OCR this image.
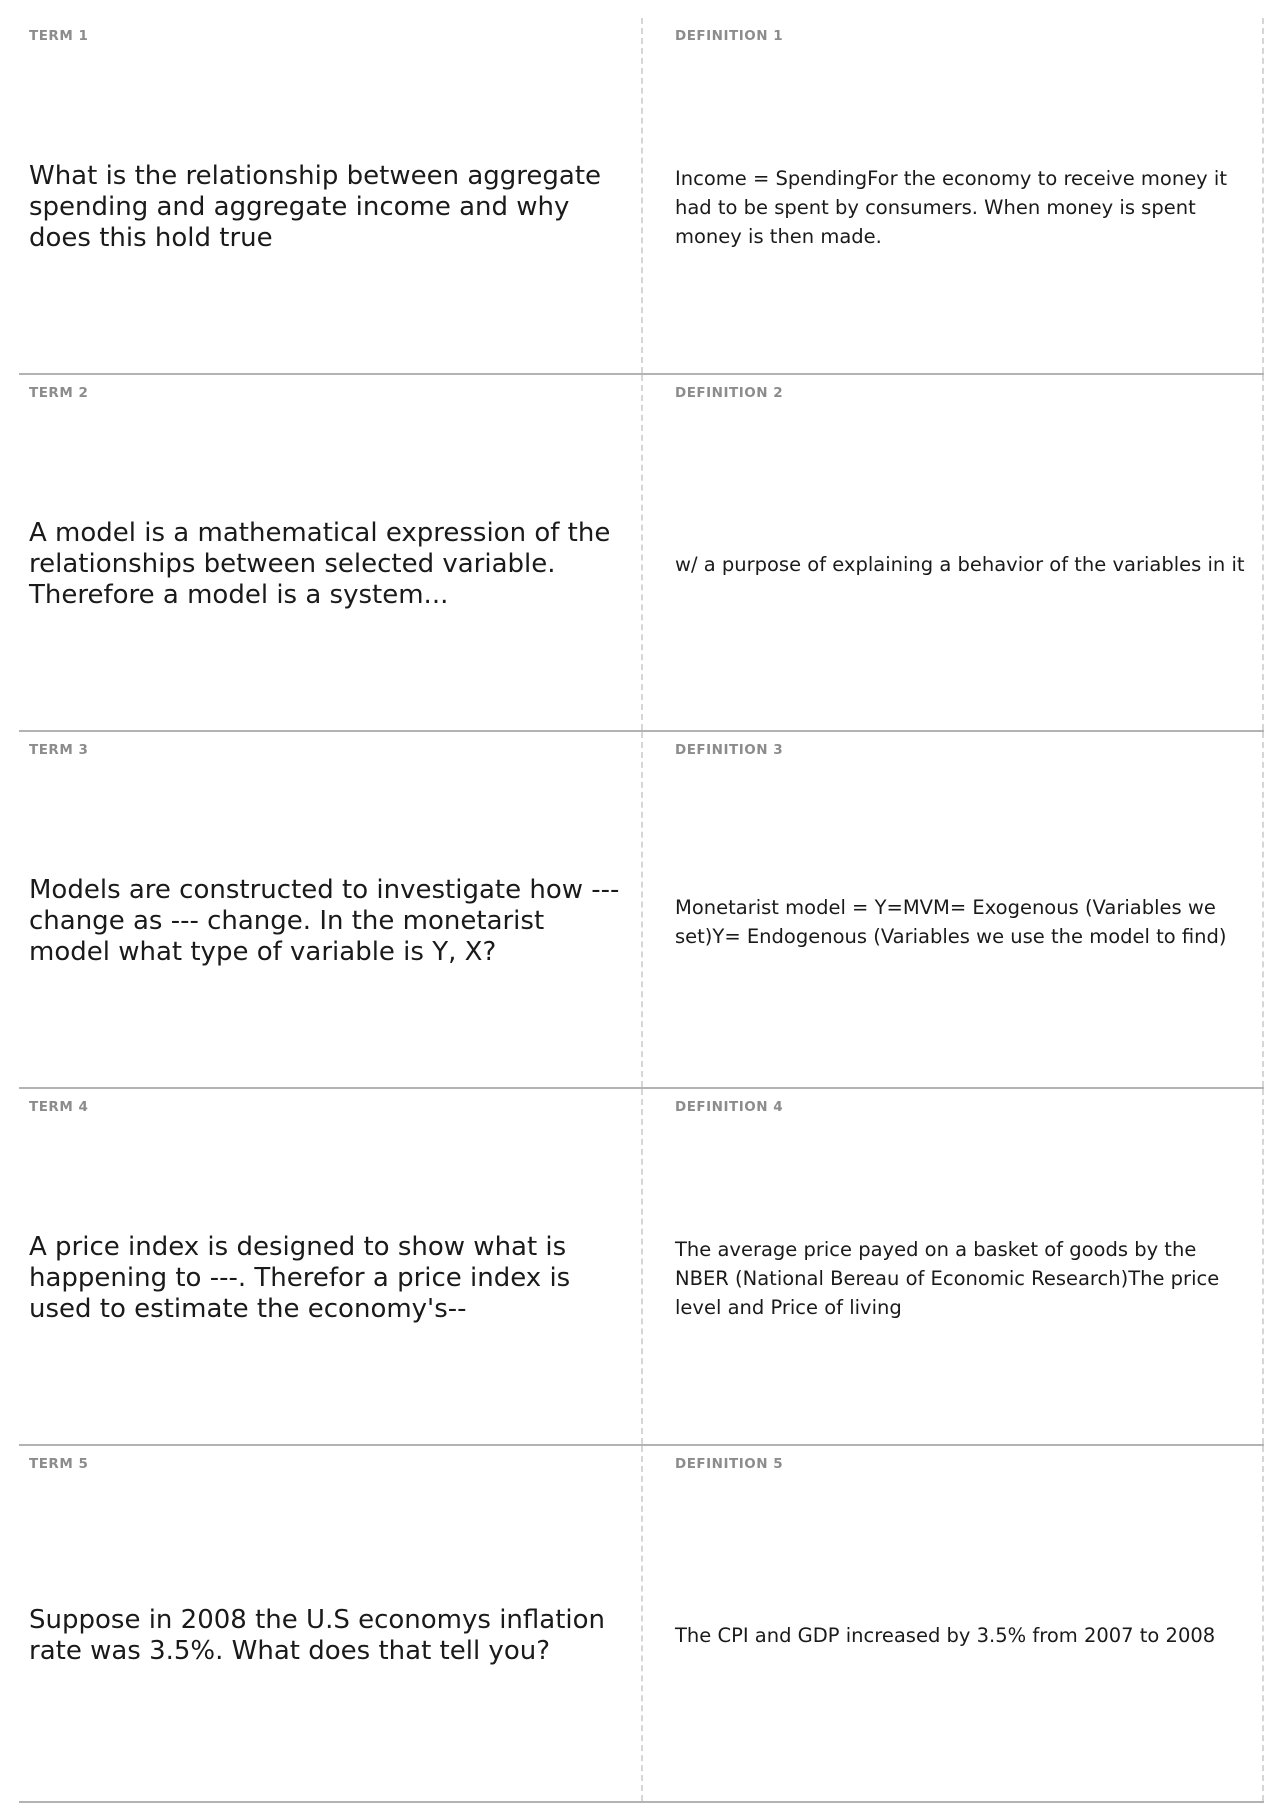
TERM 1
What is the relationship between aggregate spending and aggregate income and why does this hold true
DEFINITION 1
Income = SpendingFor the economy to receive money it had to be spent by consumers. When money is spent money is then made.
TERM 2
A model is a mathematical expression of the relationships between selected variable. Therefore a model is a system...
DEFINITION 2
w/ a purpose of explaining a behavior of the variables in it
TERM 3
Models are constructed to investigate how --- change as --- change. In the monetarist model what type of variable is Y, X?
DEFINITION 3
Monetarist model = Y=MVM= Exogenous (Variables we set)Y= Endogenous (Variables we use the model to find)
TERM 4
A price index is designed to show what is happening to ---. Therefor a price index is used to estimate the economy's--
DEFINITION 4
The average price payed on a basket of goods by the NBER (National Bereau of Economic Research)The price level and Price of living
TERM 5
Suppose in 2008 the U.S economys inflation rate was 3.5%. What does that tell you?
DEFINITION 5
The CPI and GDP increased by 3.5% from 2007 to 2008
